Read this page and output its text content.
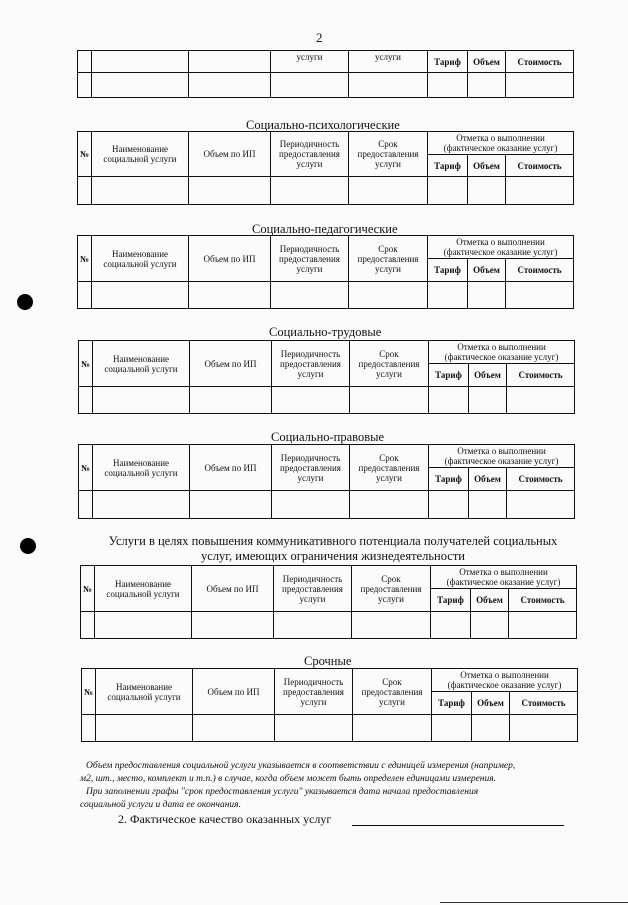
2
			услуги	услуги	Тариф	Объем	Стоимость

Социально-психологические
№	Наименование социальной услуги	Объем по ИП	Периодичность предоставления услуги	Срок предоставления услуги	Отметка о выполнении (фактическое оказание услуг)		
					Тариф	Объем	Стоимость

Социально-педагогические
№	Наименование социальной услуги	Объем по ИП	Периодичность предоставления услуги	Срок предоставления услуги	Отметка о выполнении (фактическое оказание услуг)		
					Тариф	Объем	Стоимость

Социально-трудовые
№	Наименование социальной услуги	Объем по ИП	Периодичность предоставления услуги	Срок предоставления услуги	Отметка о выполнении (фактическое оказание услуг)		
					Тариф	Объем	Стоимость

Социально-правовые
№	Наименование социальной услуги	Объем по ИП	Периодичность предоставления услуги	Срок предоставления услуги	Отметка о выполнении (фактическое оказание услуг)		
					Тариф	Объем	Стоимость

Услуги в целях повышения коммуникативного потенциала получателей социальных услуг, имеющих ограничения жизнедеятельности
№	Наименование социальной услуги	Объем по ИП	Периодичность предоставления услуги	Срок предоставления услуги	Отметка о выполнении (фактическое оказание услуг)		
					Тариф	Объем	Стоимость

Срочные
№	Наименование социальной услуги	Объем по ИП	Периодичность предоставления услуги	Срок предоставления услуги	Отметка о выполнении (фактическое оказание услуг)		
					Тариф	Объем	Стоимость

Объем предоставления социальной услуги указывается в соответствии с единицей измерения (например,
м2, шт., место, комплект и т.п.) в случае, когда объем может быть определен единицами измерения.
При заполнении графы "срок предоставления услуги" указывается дата начала предоставления
социальной услуги и дата ее окончания.
2. Фактическое качество оказанных услуг
